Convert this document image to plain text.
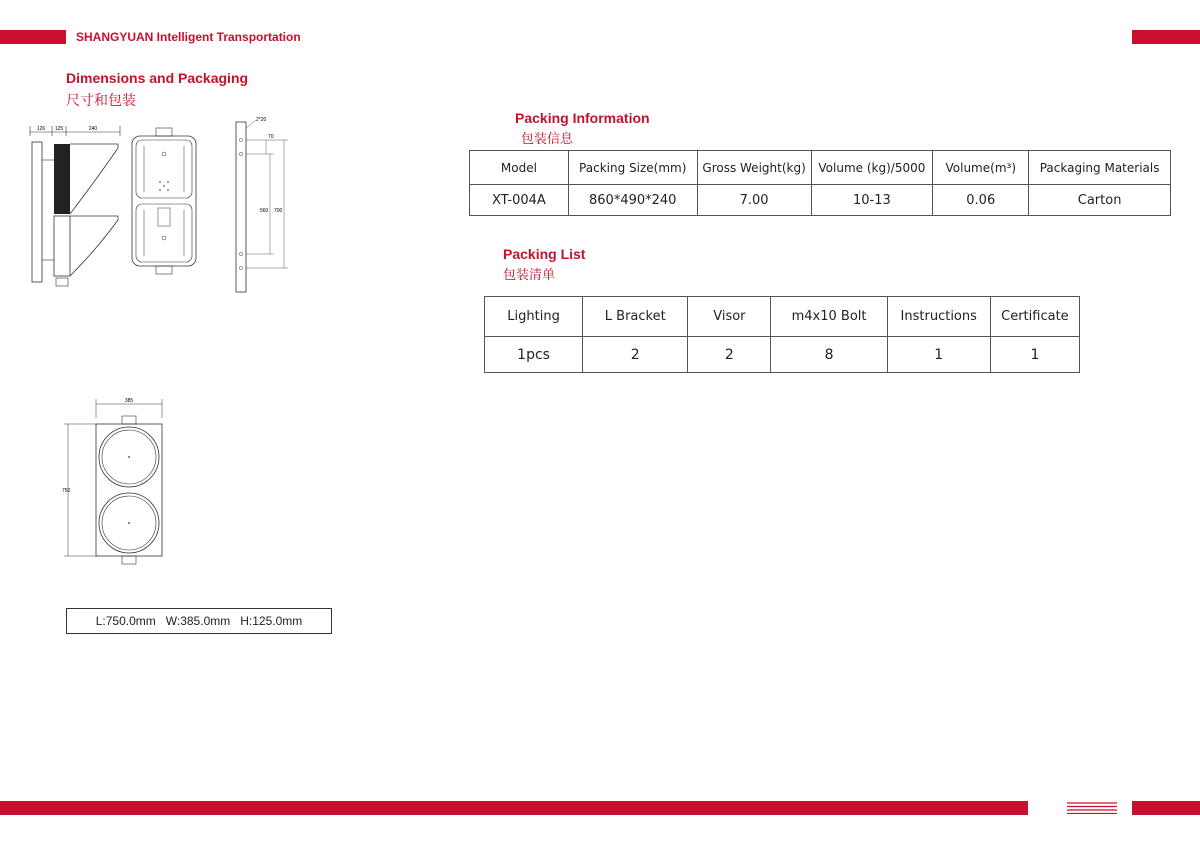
SHANGYUAN Intelligent Transportation
Dimensions and Packaging
尺寸和包装
126 125	240
2*20
70
560 700
385
750
L:750.0mm   W:385.0mm   H:125.0mm
Packing Information
包装信息
Model	Packing Size(mm)	Gross Weight(kg)	Volume (kg)/5000	Volume(m³)	Packaging Materials
XT-004A	860*490*240	7.00	10-13	0.06	Carton
Packing List
包装清单
Lighting	L Bracket	Visor	m4x10 Bolt	Instructions	Certificate
1pcs	2	2	8	1	1
